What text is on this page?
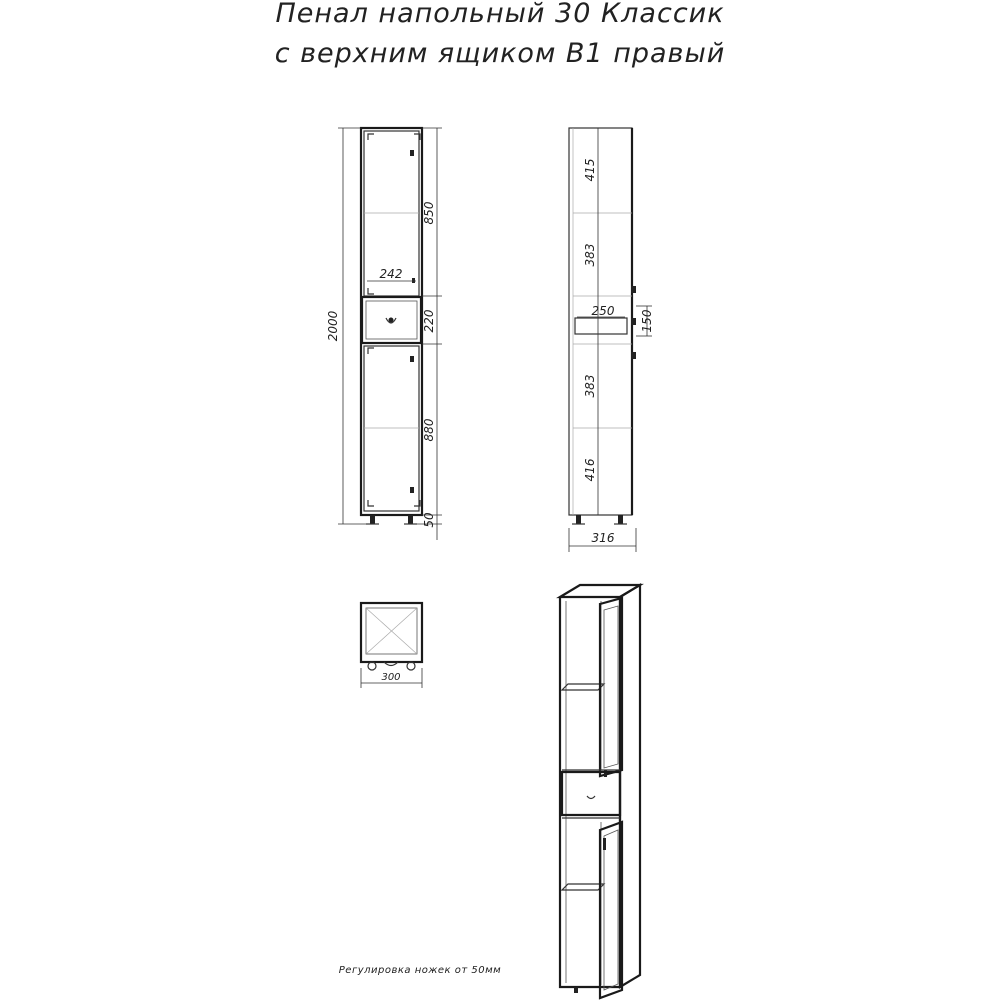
Пенал напольный 30 Классик
с верхним ящиком В1 правый
242
2000
850
220
880
50
250 150
415
383
383
416
316
300
Регулировка ножек от 50мм
